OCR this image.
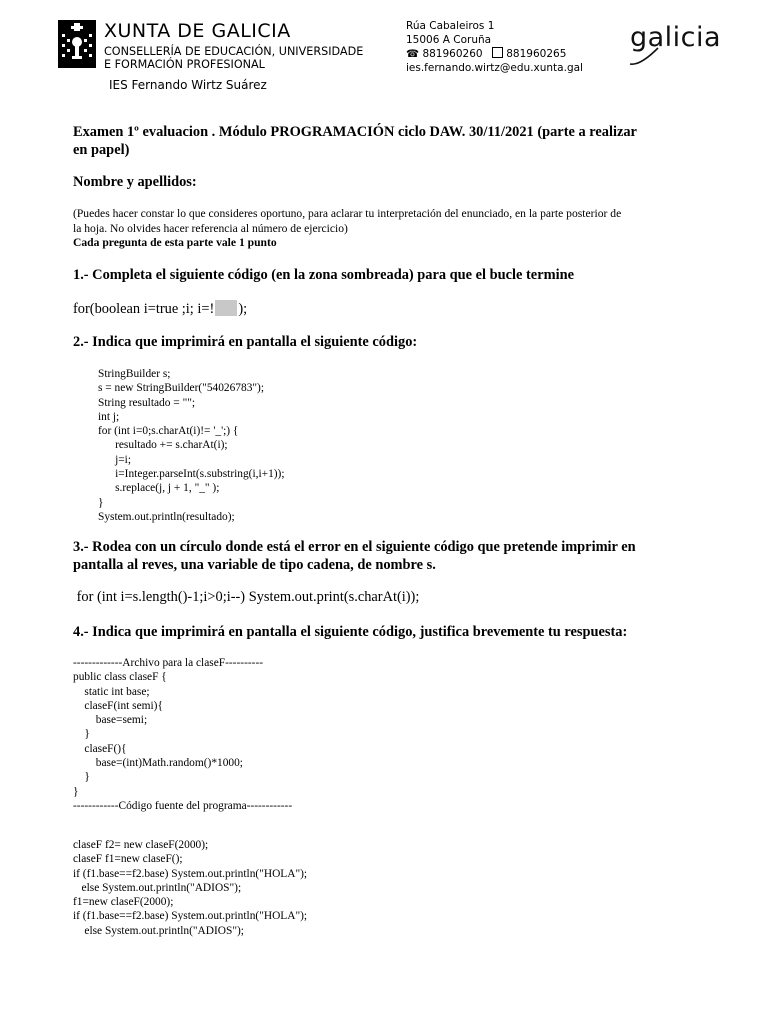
XUNTA DE GALICIA
CONSELLERÍA DE EDUCACIÓN, UNIVERSIDADE
E FORMACIÓN PROFESIONAL
IES Fernando Wirtz Suárez
Rúa Cabaleiros 1
15006 A Coruña
☎ 881960260 881960265
ies.fernando.wirtz@edu.xunta.gal
galicia
Examen 1º evaluacion . Módulo PROGRAMACIÓN ciclo DAW. 30/11/2021 (parte a realizar
en papel)
Nombre y apellidos:
(Puedes hacer constar lo que consideres oportuno, para aclarar tu interpretación del enunciado, en la parte posterior de
la hoja. No olvides hacer referencia al número de ejercicio)
Cada pregunta de esta parte vale 1 punto
1.- Completa el siguiente código (en la zona sombreada) para que el bucle termine
for(boolean i=true ;i; i=! );
2.- Indica que imprimirá en pantalla el siguiente código:
StringBuilder s;
s = new StringBuilder("54026783");
String resultado = "";
int j;
for (int i=0;s.charAt(i)!= '_';) {
resultado += s.charAt(i);
j=i;
i=Integer.parseInt(s.substring(i,i+1));
s.replace(j, j + 1, "_" );
}
System.out.println(resultado);
3.- Rodea con un círculo donde está el error en el siguiente código que pretende imprimir en
pantalla al reves, una variable de tipo cadena, de nombre s.
for (int i=s.length()-1;i>0;i--) System.out.print(s.charAt(i));
4.- Indica que imprimirá en pantalla el siguiente código, justifica brevemente tu respuesta:
-------------Archivo para la claseF----------
public class claseF {
static int base;
claseF(int semi){
base=semi;
}
claseF(){
base=(int)Math.random()*1000;
}
}
------------Código fuente del programa------------
claseF f2= new claseF(2000);
claseF f1=new claseF();
if (f1.base==f2.base) System.out.println("HOLA");
else System.out.println("ADIOS");
f1=new claseF(2000);
if (f1.base==f2.base) System.out.println("HOLA");
else System.out.println("ADIOS");
